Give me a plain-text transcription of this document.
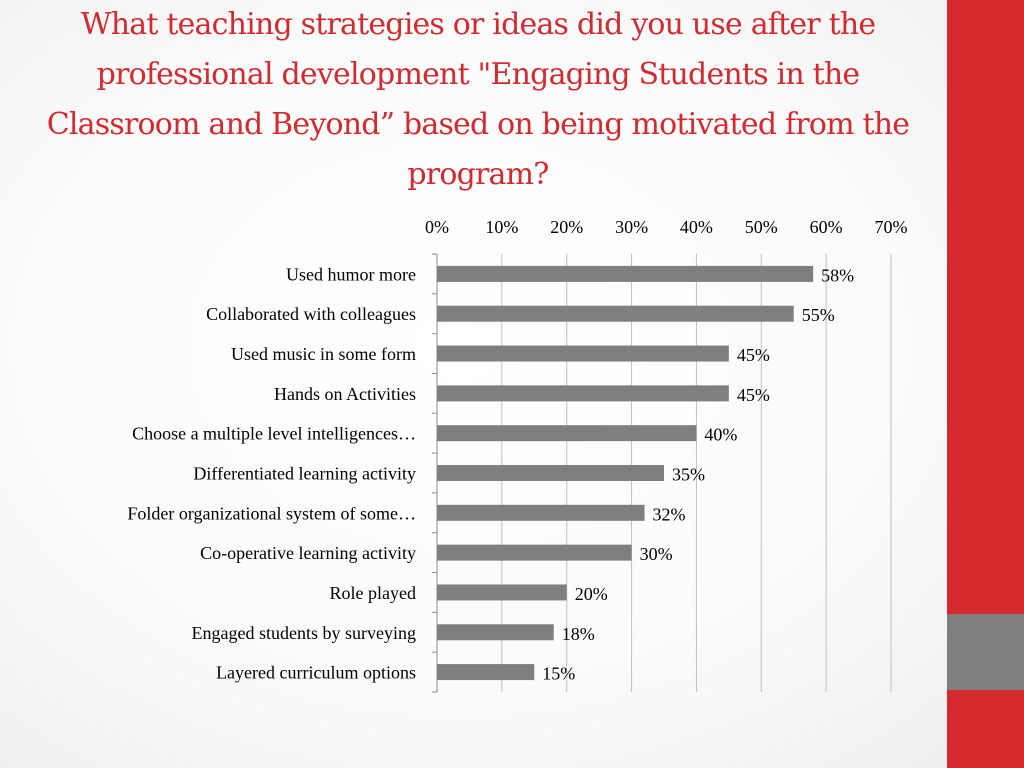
What teaching strategies or ideas did you use after the professional development "Engaging Students in the Classroom and Beyond” based on being motivated from the program?
0% 10% 20% 30% 40% 50% 60% 70%
Used humor more
Collaborated with colleagues
Used music in some form
Hands on Activities
Choose a multiple level intelligences…
Differentiated learning activity
Folder organizational system of some…
Co-operative learning activity
Role played
Engaged students by surveying
Layered curriculum options
58%
55%
45%
45%
40%
35%
32%
30%
20%
18%
15%
